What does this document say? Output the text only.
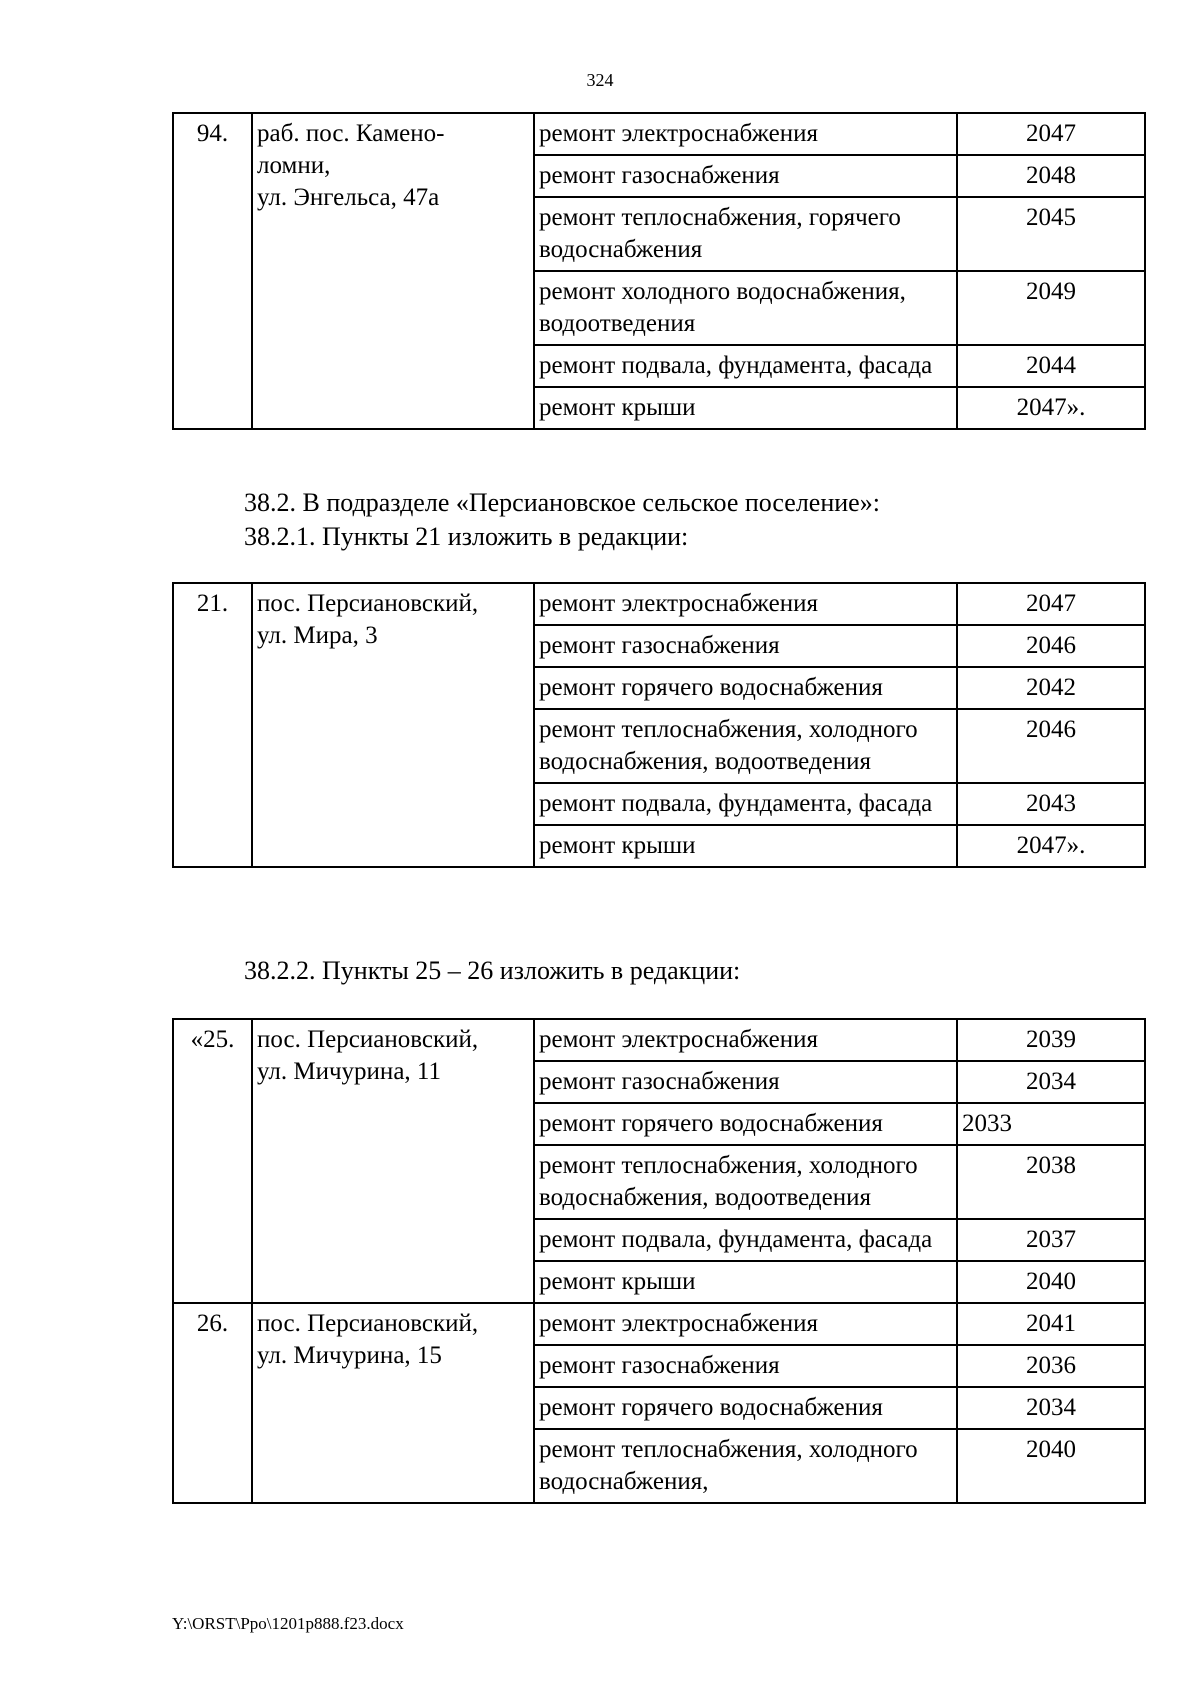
324
94.	раб. пос. Камено-
ломни,
ул. Энгельса, 47а	ремонт электроснабжения	2047
		ремонт газоснабжения	2048
		ремонт теплоснабжения, горячего водоснабжения	2045
		ремонт холодного водоснабжения, водоотведения	2049
		ремонт подвала, фундамента, фасада	2044
		ремонт крыши	2047».
38.2. В подразделе «Персиановское сельское поселение»:
38.2.1. Пункты 21 изложить в редакции:
21.	пос. Персиановский,
ул. Мира, 3	ремонт электроснабжения	2047
		ремонт газоснабжения	2046
		ремонт горячего водоснабжения	2042
		ремонт теплоснабжения, холодного водоснабжения, водоотведения	2046
		ремонт подвала, фундамента, фасада	2043
		ремонт крыши	2047».
38.2.2. Пункты 25 – 26 изложить в редакции:
«25.	пос. Персиановский,
ул. Мичурина, 11	ремонт электроснабжения	2039
		ремонт газоснабжения	2034
		ремонт горячего водоснабжения	2033
		ремонт теплоснабжения, холодного водоснабжения, водоотведения	2038
		ремонт подвала, фундамента, фасада	2037
		ремонт крыши	2040
26.	пос. Персиановский,
ул. Мичурина, 15	ремонт электроснабжения	2041
		ремонт газоснабжения	2036
		ремонт горячего водоснабжения	2034
		ремонт теплоснабжения, холодного водоснабжения,	2040
Y:\ORST\Ppo\1201p888.f23.docx
